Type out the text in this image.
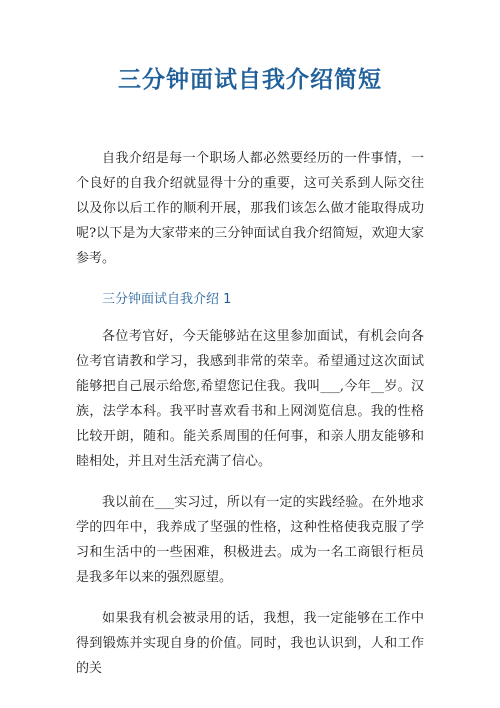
三分钟面试自我介绍简短

自我介绍是每一个职场人都必然要经历的一件事情，一个良好的自我介绍就显得十分的重要，这可关系到人际交往以及你以后工作的顺利开展，那我们该怎么做才能取得成功呢?以下是为大家带来的三分钟面试自我介绍简短，欢迎大家参考。

三分钟面试自我介绍 1

各位考官好，今天能够站在这里参加面试，有机会向各位考官请教和学习，我感到非常的荣幸。希望通过这次面试能够把自己展示给您,希望您记住我。我叫___,今年__岁。汉族，法学本科。我平时喜欢看书和上网浏览信息。我的性格比较开朗，随和。能关系周围的任何事，和亲人朋友能够和睦相处，并且对生活充满了信心。

我以前在___实习过，所以有一定的实践经验。在外地求学的四年中，我养成了坚强的性格，这种性格使我克服了学习和生活中的一些困难，积极进去。成为一名工商银行柜员是我多年以来的强烈愿望。

如果我有机会被录用的话，我想，我一定能够在工作中得到锻炼并实现自身的价值。同时，我也认识到，人和工作的关
